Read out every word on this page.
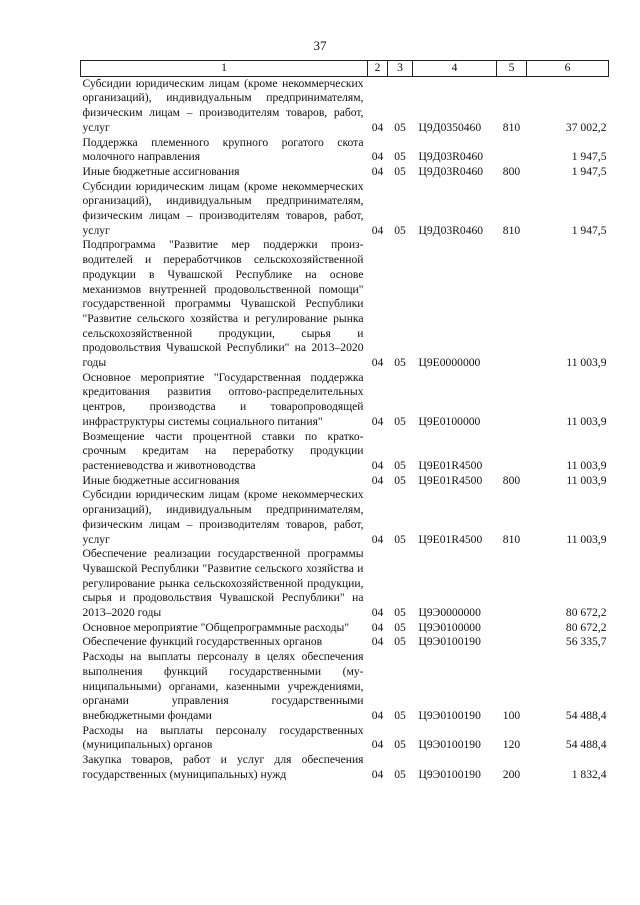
37
1	2	3	4	5	6
Субсидии юридическим лицам (кроме некоммерческих организаций), индивидуальным предпринимателям, физическим лицам – производителям товаров, работ, услуг	04	05	Ц9Д0350460	810	37 002,2
Поддержка племенного крупного рогатого скота молочного направления	04	05	Ц9Д03R0460		1 947,5
Иные бюджетные ассигнования	04	05	Ц9Д03R0460	800	1 947,5
Субсидии юридическим лицам (кроме некоммерческих организаций), индивидуальным предпринимателям, физическим лицам – производителям товаров, работ, услуг	04	05	Ц9Д03R0460	810	1 947,5
Подпрограмма "Развитие мер поддержки производителей и переработчиков сельскохозяйственной продукции в Чувашской Республике на основе механизмов внутренней продовольственной помощи" государственной программы Чувашской Республики "Развитие сельского хозяйства и регулирование рынка сельскохозяйственной продукции, сырья и продовольствия Чувашской Республики" на 2013–2020 годы	04	05	Ц9Е0000000		11 003,9
Основное мероприятие "Государственная поддержка кредитования развития оптово-распределительных центров, производства и товаропроводящей инфраструктуры системы социального питания"	04	05	Ц9Е0100000		11 003,9
Возмещение части процентной ставки по краткосрочным кредитам на переработку продукции растениеводства и животноводства	04	05	Ц9Е01R4500		11 003,9
Иные бюджетные ассигнования	04	05	Ц9Е01R4500	800	11 003,9
Субсидии юридическим лицам (кроме некоммерческих организаций), индивидуальным предпринимателям, физическим лицам – производителям товаров, работ, услуг	04	05	Ц9Е01R4500	810	11 003,9
Обеспечение реализации государственной программы Чувашской Республики "Развитие сельского хозяйства и регулирование рынка сельскохозяйственной продукции, сырья и продовольствия Чувашской Республики" на 2013–2020 годы	04	05	Ц9Э0000000		80 672,2
Основное мероприятие "Общепрограммные расходы"	04	05	Ц9Э0100000		80 672,2
Обеспечение функций государственных органов	04	05	Ц9Э0100190		56 335,7
Расходы на выплаты персоналу в целях обеспечения выполнения функций государственными (муниципальными) органами, казенными учреждениями, органами управления государственными внебюджетными фондами	04	05	Ц9Э0100190	100	54 488,4
Расходы на выплаты персоналу государственных (муниципальных) органов	04	05	Ц9Э0100190	120	54 488,4
Закупка товаров, работ и услуг для обеспечения государственных (муниципальных) нужд	04	05	Ц9Э0100190	200	1 832,4
